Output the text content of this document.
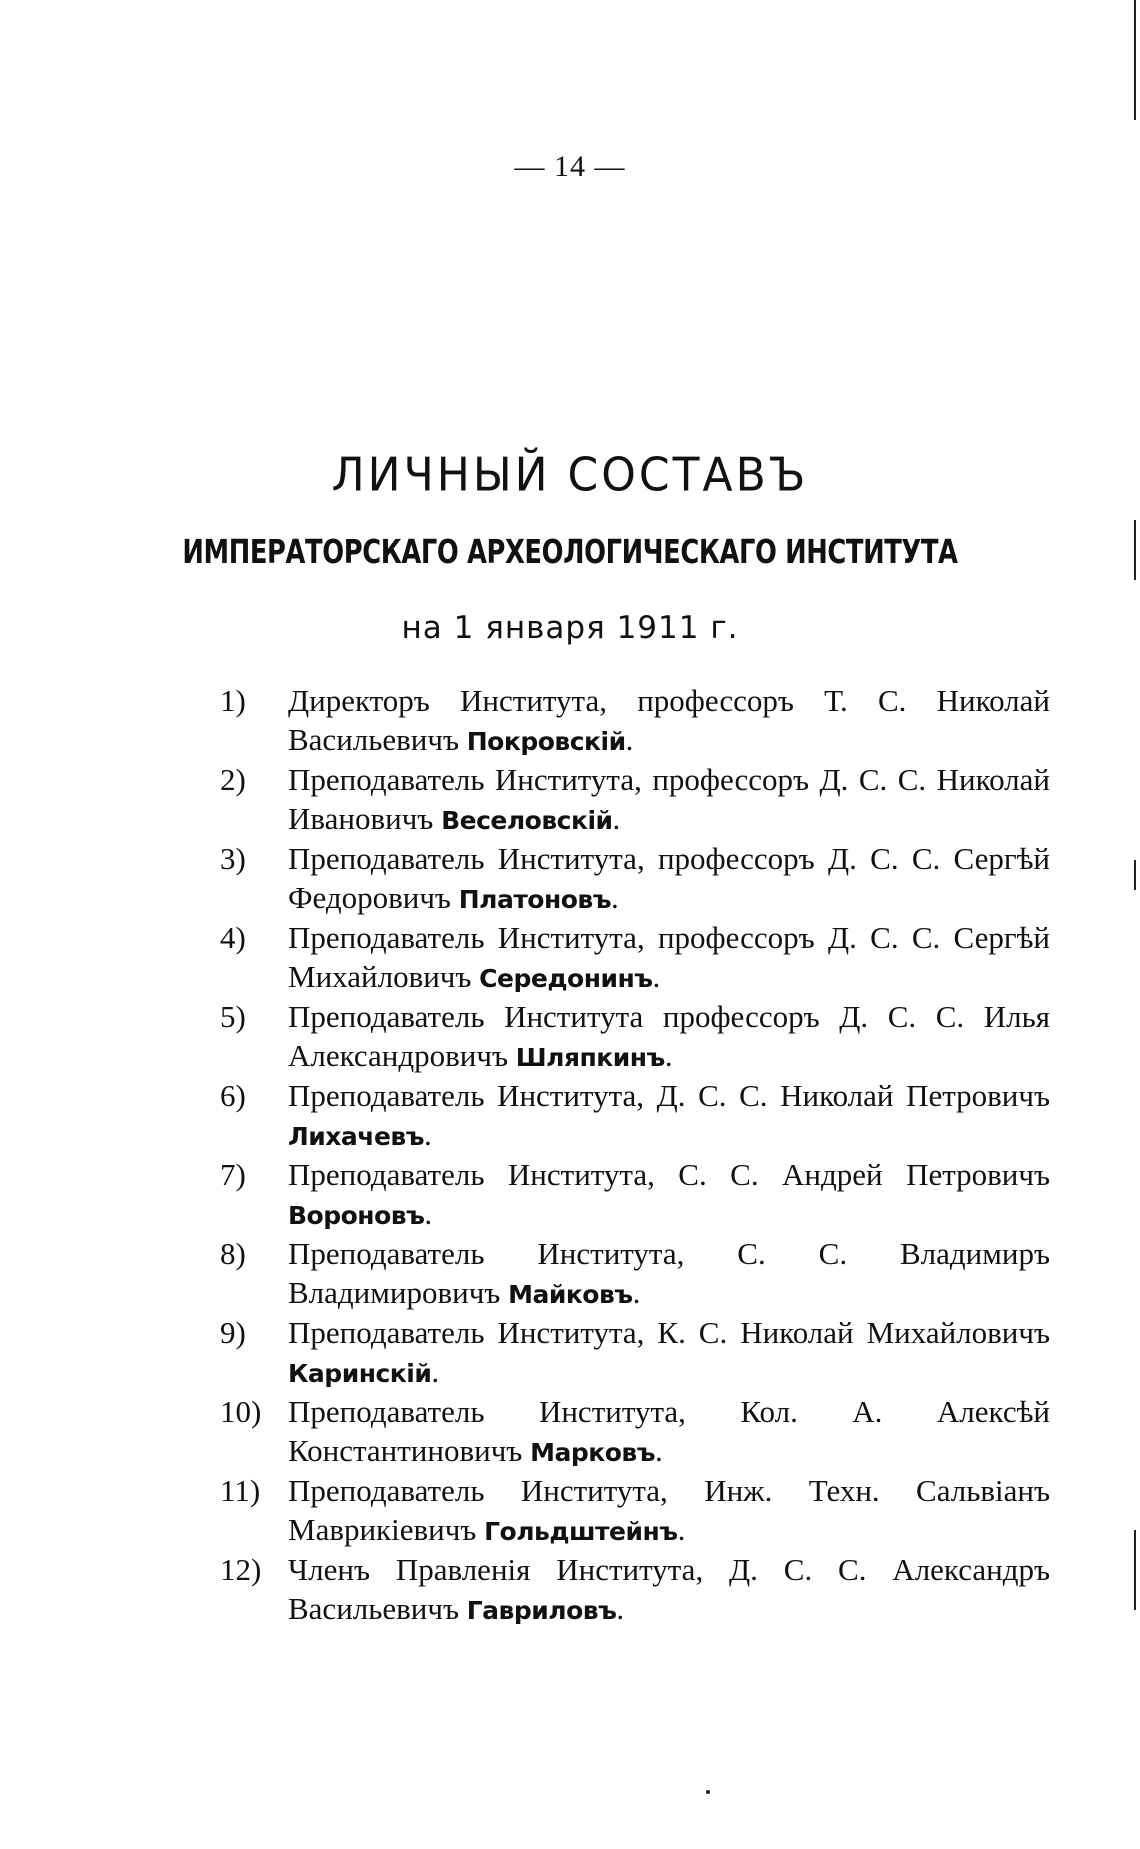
— 14 —
ЛИЧНЫЙ СОСТАВЪ
ИМПЕРАТОРСКАГО АРХЕОЛОГИЧЕСКАГО ИНСТИТУТА
на 1 января 1911 г.
1)	Директоръ Института, профессоръ Т. С. Николай Васильевичъ Покровскій.
2)	Преподаватель Института, профессоръ Д. С. С. Николай Ивановичъ Веселовскій.
3)	Преподаватель Института, профессоръ Д. С. С. Сергѣй Федоровичъ Платоновъ.
4)	Преподаватель Института, профессоръ Д. С. С. Сергѣй Михайловичъ Середонинъ.
5)	Преподаватель Института профессоръ Д. С. С. Илья Александровичъ Шляпкинъ.
6)	Преподаватель Института, Д. С. С. Николай Петровичъ Лихачевъ.
7)	Преподаватель Института, С. С. Андрей Петровичъ Вороновъ.
8)	Преподаватель Института, С. С. Владимиръ Владимировичъ Майковъ.
9)	Преподаватель Института, К. С. Николай Михайловичъ Каринскій.
10) Преподаватель Института, Кол. А. Алексѣй Константиновичъ Марковъ.
11) Преподаватель Института, Инж. Техн. Сальвіанъ Маврикіевичъ Гольдштейнъ.
12) Членъ Правленія Института, Д. С. С. Александръ Васильевичъ Гавриловъ.
